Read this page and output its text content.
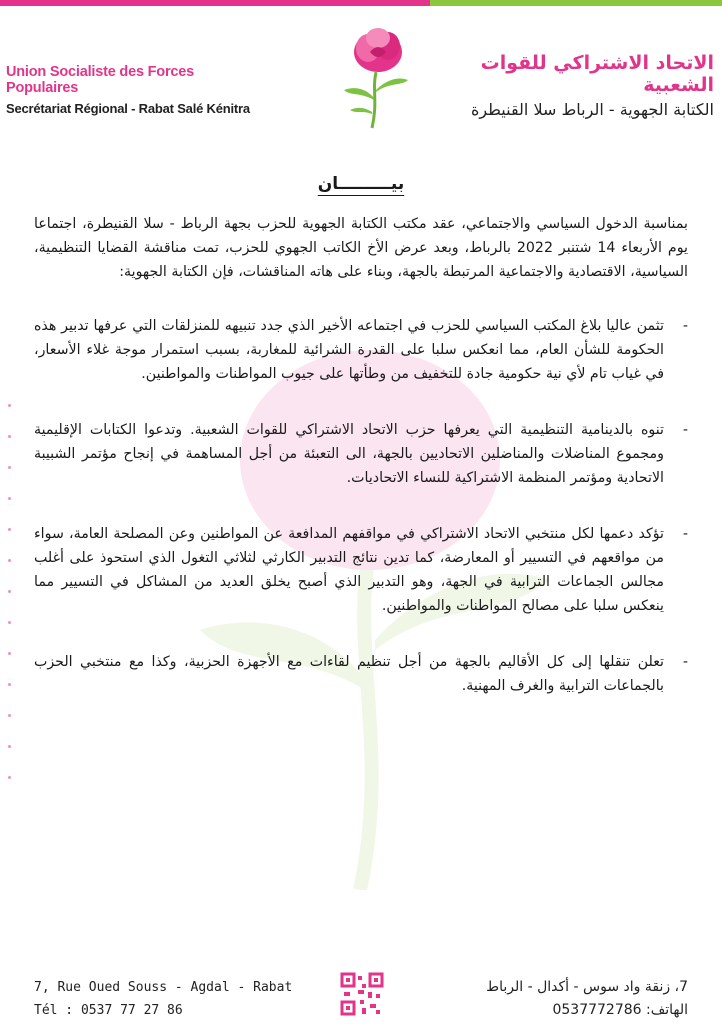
Union Socialiste des Forces Populaires
Secrétariat Régional - Rabat Salé Kénitra
الاتحاد الاشتراكي للقوات الشعبية
الكتابة الجهوية - الرباط سلا القنيطرة
بيـــــــــان

بمناسبة الدخول السياسي والاجتماعي، عقد مكتب الكتابة الجهوية للحزب بجهة الرباط - سلا القنيطرة، اجتماعا يوم الأربعاء 14 شتنبر 2022 بالرباط، وبعد عرض الأخ الكاتب الجهوي للحزب، تمت مناقشة القضايا التنظيمية، السياسية، الاقتصادية والاجتماعية المرتبطة بالجهة، وبناء على هاته المناقشات، فإن الكتابة الجهوية:

-
تثمن عاليا بلاغ المكتب السياسي للحزب في اجتماعه الأخير الذي جدد تنبيهه للمنزلقات التي عرفها تدبير هذه الحكومة للشأن العام، مما انعكس سلبا على القدرة الشرائية للمغاربة، بسبب استمرار موجة غلاء الأسعار، في غياب تام لأي نية حكومية جادة للتخفيف من وطأتها على جيوب المواطنات والمواطنين.

-
تنوه بالدينامية التنظيمية التي يعرفها حزب الاتحاد الاشتراكي للقوات الشعبية. وتدعوا الكتابات الإقليمية ومجموع المناضلات والمناضلين الاتحاديين بالجهة، الى التعبئة من أجل المساهمة في إنجاح مؤتمر الشبيبة الاتحادية ومؤتمر المنظمة الاشتراكية للنساء الاتحاديات.

-
تؤكد دعمها لكل منتخبي الاتحاد الاشتراكي في مواقفهم المدافعة عن المواطنين وعن المصلحة العامة، سواء من مواقعهم في التسيير أو المعارضة، كما تدين نتائج التدبير الكارثي لثلاثي التغول الذي استحوذ على أغلب مجالس الجماعات الترابية في الجهة، وهو التدبير الذي أصبح يخلق العديد من المشاكل في التسيير مما ينعكس سلبا على مصالح المواطنات والمواطنين.

-
تعلن تنقلها إلى كل الأقاليم بالجهة من أجل تنظيم لقاءات مع الأجهزة الحزبية، وكذا مع منتخبي الحزب بالجماعات الترابية والغرف المهنية.

7, Rue Oued Souss - Agdal - Rabat
Tél : 0537 77 27 86
7، زنقة واد سوس - أكدال - الرباط
الهاتف: 0537772786
